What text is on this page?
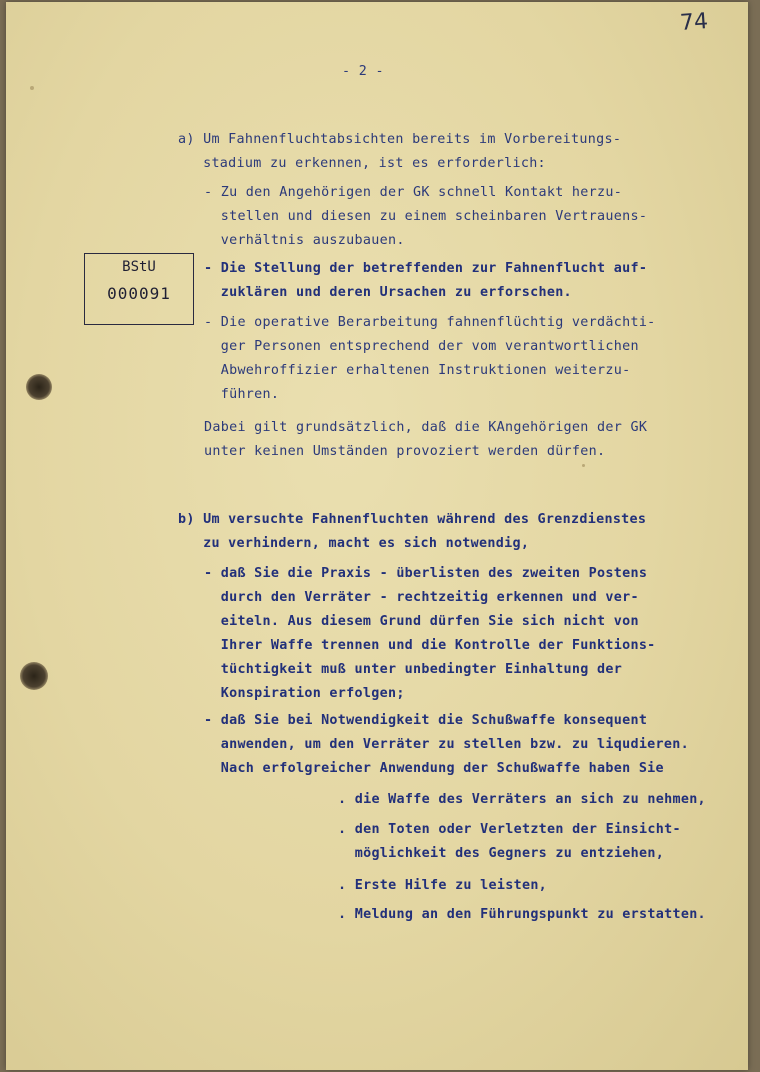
74
- 2 -
BStU
000091
a) Um Fahnenfluchtabsichten bereits im Vorbereitungs-
stadium zu erkennen, ist es erforderlich:
- Zu den Angehörigen der GK schnell Kontakt herzu-
stellen und diesen zu einem scheinbaren Vertrauens-
verhältnis auszubauen.
- Die Stellung der betreffenden zur Fahnenflucht auf-
zuklären und deren Ursachen zu erforschen.
- Die operative Berarbeitung fahnenflüchtig verdächti-
ger Personen entsprechend der vom verantwortlichen
Abwehroffizier erhaltenen Instruktionen weiterzu-
führen.
Dabei gilt grundsätzlich, daß die KAngehörigen der GK
unter keinen Umständen provoziert werden dürfen.
b) Um versuchte Fahnenfluchten während des Grenzdienstes
zu verhindern, macht es sich notwendig,
- daß Sie die Praxis - überlisten des zweiten Postens
durch den Verräter - rechtzeitig erkennen und ver-
eiteln. Aus diesem Grund dürfen Sie sich nicht von
Ihrer Waffe trennen und die Kontrolle der Funktions-
tüchtigkeit muß unter unbedingter Einhaltung der
Konspiration erfolgen;
- daß Sie bei Notwendigkeit die Schußwaffe konsequent
anwenden, um den Verräter zu stellen bzw. zu liqudieren.
Nach erfolgreicher Anwendung der Schußwaffe haben Sie
. die Waffe des Verräters an sich zu nehmen,
. den Toten oder Verletzten der Einsicht-
möglichkeit des Gegners zu entziehen,
. Erste Hilfe zu leisten,
. Meldung an den Führungspunkt zu erstatten.
